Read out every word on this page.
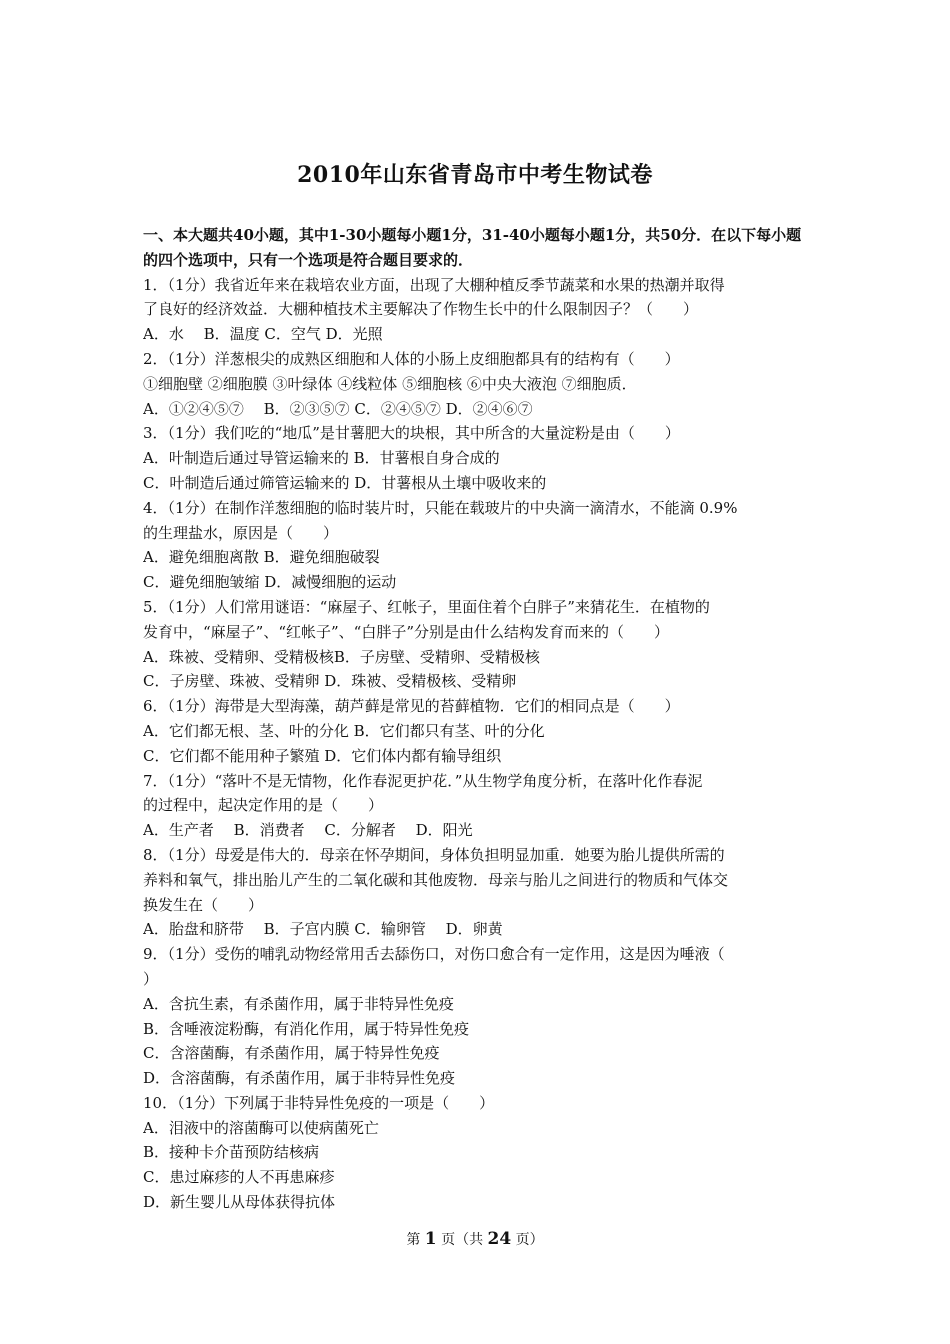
2010年山东省青岛市中考生物试卷
一、本大题共40小题，其中1-30小题每小题1分，31-40小题每小题1分，共50分．在以下每小题的四个选项中，只有一个选项是符合题目要求的．
1．（1分）我省近年来在栽培农业方面，出现了大棚种植反季节蔬菜和水果的热潮并取得
了良好的经济效益．大棚种植技术主要解决了作物生长中的什么限制因子？（　　）
A．水　 B．温度 C．空气 D．光照
2．（1分）洋葱根尖的成熟区细胞和人体的小肠上皮细胞都具有的结构有（　　）
①细胞壁 ②细胞膜 ③叶绿体 ④线粒体 ⑤细胞核 ⑥中央大液泡 ⑦细胞质．
A．①②④⑤⑦　 B．②③⑤⑦ C．②④⑤⑦ D．②④⑥⑦
3．（1分）我们吃的“地瓜”是甘薯肥大的块根，其中所含的大量淀粉是由（　　）
A．叶制造后通过导管运输来的 B．甘薯根自身合成的
C．叶制造后通过筛管运输来的 D．甘薯根从土壤中吸收来的
4．（1分）在制作洋葱细胞的临时装片时，只能在载玻片的中央滴一滴清水，不能滴 0.9%
的生理盐水，原因是（　　）
A．避免细胞离散 B．避免细胞破裂
C．避免细胞皱缩 D．减慢细胞的运动
5．（1分）人们常用谜语：“麻屋子、红帐子，里面住着个白胖子”来猜花生．在植物的
发育中，“麻屋子”、“红帐子”、“白胖子”分别是由什么结构发育而来的（　　）
A．珠被、受精卵、受精极核B．子房壁、受精卵、受精极核
C．子房壁、珠被、受精卵 D．珠被、受精极核、受精卵
6．（1分）海带是大型海藻，葫芦藓是常见的苔藓植物．它们的相同点是（　　）
A．它们都无根、茎、叶的分化 B．它们都只有茎、叶的分化
C．它们都不能用种子繁殖 D．它们体内都有输导组织
7．（1分）“落叶不是无情物，化作春泥更护花．”从生物学角度分析，在落叶化作春泥
的过程中，起决定作用的是（　　）
A．生产者　 B．消费者　 C．分解者　 D．阳光
8．（1分）母爱是伟大的．母亲在怀孕期间，身体负担明显加重．她要为胎儿提供所需的
养料和氧气，排出胎儿产生的二氧化碳和其他废物．母亲与胎儿之间进行的物质和气体交
换发生在（　　）
A．胎盘和脐带　 B．子宫内膜 C．输卵管　 D．卵黄
9．（1分）受伤的哺乳动物经常用舌去舔伤口，对伤口愈合有一定作用，这是因为唾液（
）
A．含抗生素，有杀菌作用，属于非特异性免疫
B．含唾液淀粉酶，有消化作用，属于特异性免疫
C．含溶菌酶，有杀菌作用，属于特异性免疫
D．含溶菌酶，有杀菌作用，属于非特异性免疫
10．（1分）下列属于非特异性免疫的一项是（　　）
A．泪液中的溶菌酶可以使病菌死亡
B．接种卡介苗预防结核病
C．患过麻疹的人不再患麻疹
D．新生婴儿从母体获得抗体
第 1 页（共 24 页）
